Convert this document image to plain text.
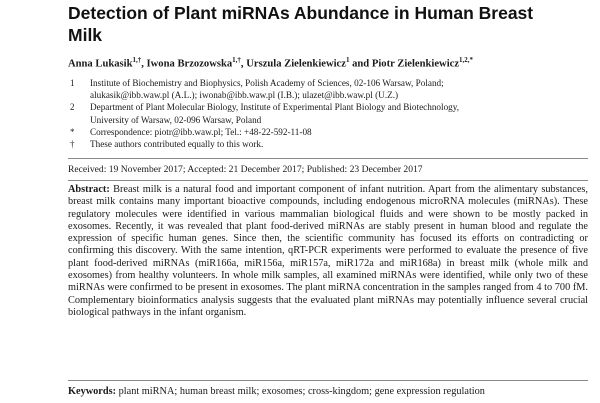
Detection of Plant miRNAs Abundance in Human Breast Milk
Anna Lukasik$^{1,\dagger}$, Iwona Brzozowska$^{1,\dagger}$, Urszula Zielenkiewicz$^1$ and Piotr Zielenkiewicz$^{1,2,*}$
1 Institute of Biochemistry and Biophysics, Polish Academy of Sciences, 02-106 Warsaw, Poland;
alukasik@ibb.waw.pl (A.L.); iwonab@ibb.waw.pl (I.B.); ulazet@ibb.waw.pl (U.Z.)
2 Department of Plant Molecular Biology, Institute of Experimental Plant Biology and Biotechnology,
University of Warsaw, 02-096 Warsaw, Poland
* Correspondence: piotr@ibb.waw.pl; Tel.: +48-22-592-11-08
† These authors contributed equally to this work.
Received: 19 November 2017; Accepted: 21 December 2017; Published: 23 December 2017
Abstract: Breast milk is a natural food and important component of infant nutrition. Apart from the alimentary substances, breast milk contains many important bioactive compounds, including endogenous microRNA molecules (miRNAs). These regulatory molecules were identified in various mammalian biological fluids and were shown to be mostly packed in exosomes. Recently, it was revealed that plant food-derived miRNAs are stably present in human blood and regulate the expression of specific human genes. Since then, the scientific community has focused its efforts on contradicting or confirming this discovery. With the same intention, qRT-PCR experiments were performed to evaluate the presence of five plant food-derived miRNAs (miR166a, miR156a, miR157a, miR172a and miR168a) in breast milk (whole milk and exosomes) from healthy volunteers. In whole milk samples, all examined miRNAs were identified, while only two of these miRNAs were confirmed to be present in exosomes. The plant miRNA concentration in the samples ranged from 4 to 700 fM. Complementary bioinformatics analysis suggests that the evaluated plant miRNAs may potentially influence several crucial biological pathways in the infant organism.
Keywords: plant miRNA; human breast milk; exosomes; cross-kingdom; gene expression regulation
